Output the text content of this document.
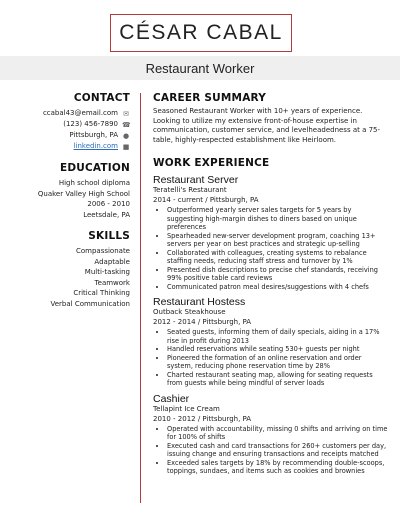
CÉSAR CABAL
Restaurant Worker
CONTACT
ccabal43@email.com ✉
(123) 456-7890 ☎
Pittsburgh, PA ●
linkedin.com ■
EDUCATION
High school diploma
Quaker Valley High School
2006 - 2010
Leetsdale, PA
SKILLS
Compassionate
Adaptable
Multi-tasking
Teamwork
Critical Thinking
Verbal Communication
CAREER SUMMARY

Seasoned Restaurant Worker with 10+ years of experience. Looking to utilize my extensive front-of-house expertise in communication, customer service, and levelheadedness at a 75- table, highly-respected establishment like Heirloom.

WORK EXPERIENCE
Restaurant Server
Teratelli's Restaurant
2014 - current / Pittsburgh, PA
• Outperformed yearly server sales targets for 5 years by suggesting high-margin dishes to diners based on unique preferences
• Spearheaded new-server development program, coaching 13+ servers per year on best practices and strategic up-selling
• Collaborated with colleagues, creating systems to rebalance staffing needs, reducing staff stress and turnover by 1%
• Presented dish descriptions to precise chef standards, receiving 99% positive table card reviews
• Communicated patron meal desires/suggestions with 4 chefs
Restaurant Hostess
Outback Steakhouse
2012 - 2014 / Pittsburgh, PA
• Seated guests, informing them of daily specials, aiding in a 17% rise in profit during 2013
• Handled reservations while seating 530+ guests per night
• Pioneered the formation of an online reservation and order system, reducing phone reservation time by 28%
• Charted restaurant seating map, allowing for seating requests from guests while being mindful of server loads
Cashier
Tellapint Ice Cream
2010 - 2012 / Pittsburgh, PA
• Operated with accountability, missing 0 shifts and arriving on time for 100% of shifts
• Executed cash and card transactions for 260+ customers per day, issuing change and ensuring transactions and receipts matched
• Exceeded sales targets by 18% by recommending double-scoops, toppings, sundaes, and items such as cookies and brownies
